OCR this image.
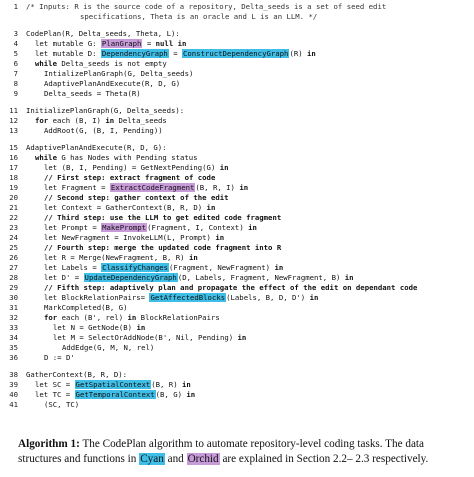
1 /* Inputs: R is the source code of a repository, Delta_seeds is a set of seed edit
specifications, Theta is an oracle and L is an LLM. */
3 CodePlan(R, Delta_seeds, Theta, L):
4	let mutable G: PlanGraph = null in
5	let mutable D: DependencyGraph = ConstructDependencyGraph(R) in
6	while Delta_seeds is not empty
7	IntializePlanGraph(G, Delta_seeds)
8	AdaptivePlanAndExecute(R, D, G)
9	Delta_seeds = Theta(R)
11 InitializePlanGraph(G, Delta_seeds):
12	for each (B, I) in Delta_seeds
13	AddRoot(G, (B, I, Pending))
15 AdaptivePlanAndExecute(R, D, G):
16	while G has Nodes with Pending status
17	let (B, I, Pending) = GetNextPending(G) in
18	// First step: extract fragment of code
19	let Fragment = ExtractCodeFragment(B, R, I) in
20	// Second step: gather context of the edit
21	let Context = GatherContext(B, R, D) in
22	// Third step: use the LLM to get edited code fragment
23	let Prompt = MakePrompt(Fragment, I, Context) in
24	let NewFragment = InvokeLLM(L, Prompt) in
25	// Fourth step: merge the updated code fragment into R
26	let R = Merge(NewFragment, B, R) in
27	let Labels = ClassifyChanges(Fragment, NewFragment) in
28	let D' = UpdateDependencyGraph(D, Labels, Fragment, NewFragment, B) in
29	// Fifth step: adaptively plan and propagate the effect of the edit on dependant code
30	let BlockRelationPairs= GetAffectedBlocks(Labels, B, D, D') in
31	MarkCompleted(B, G)
32	for each (B', rel) in BlockRelationPairs
33	let N = GetNode(B) in
34	let M = SelectOrAddNode(B', Nil, Pending) in
35	AddEdge(G, M, N, rel)
36	D := D'
38 GatherContext(B, R, D):
39	let SC = GetSpatialContext(B, R) in
40	let TC = GetTemporalContext(B, G) in
41	(SC, TC)
Algorithm 1: The CodePlan algorithm to automate repository-level coding tasks. The data structures and functions in Cyan and Orchid are explained in Section 2.2– 2.3 respectively.
